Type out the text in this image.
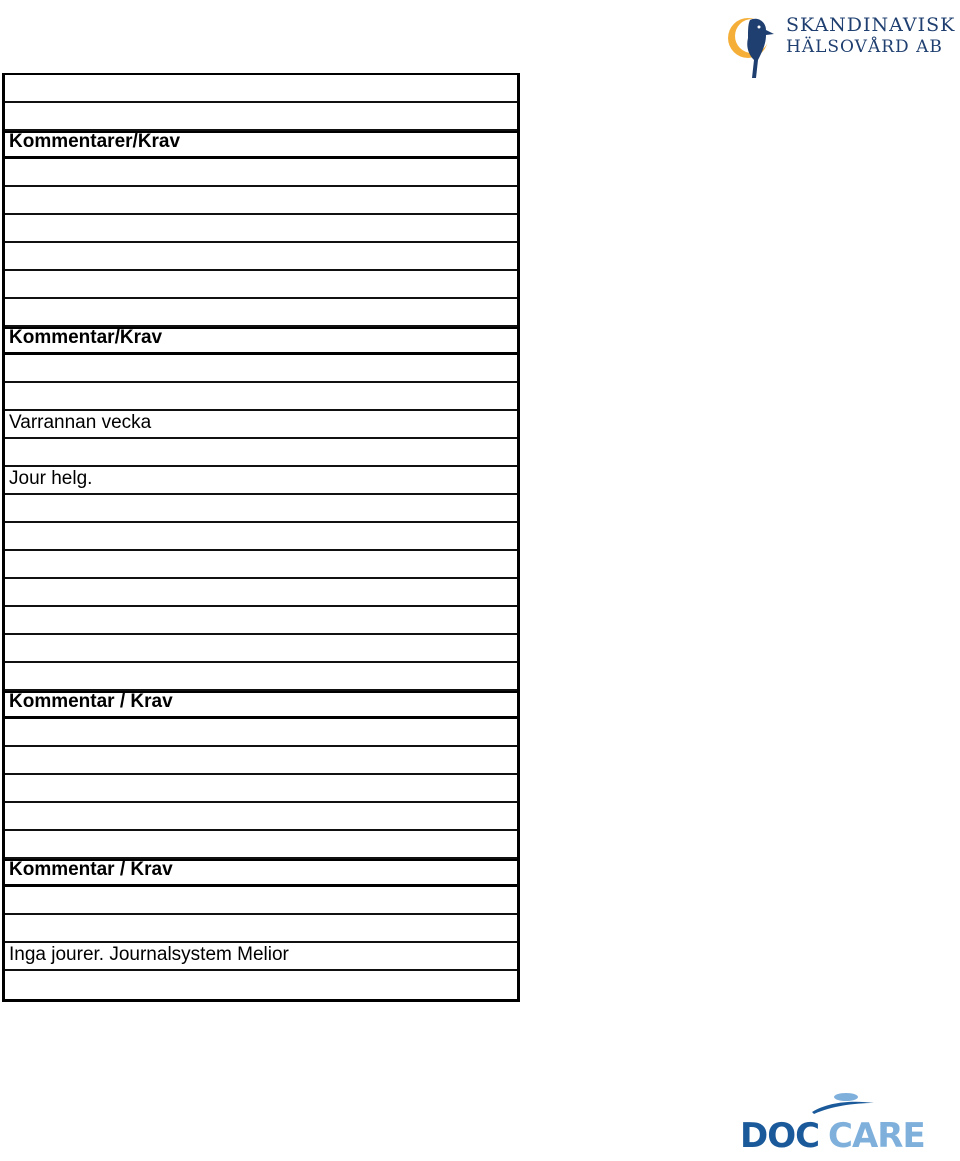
SKANDINAVISK
HÄLSOVÅRD AB
Kommentarer/Krav
Kommentar/Krav
Varrannan vecka
Jour helg.
Kommentar / Krav
Kommentar / Krav
Inga jourer. Journalsystem Melior
DOC CARE
